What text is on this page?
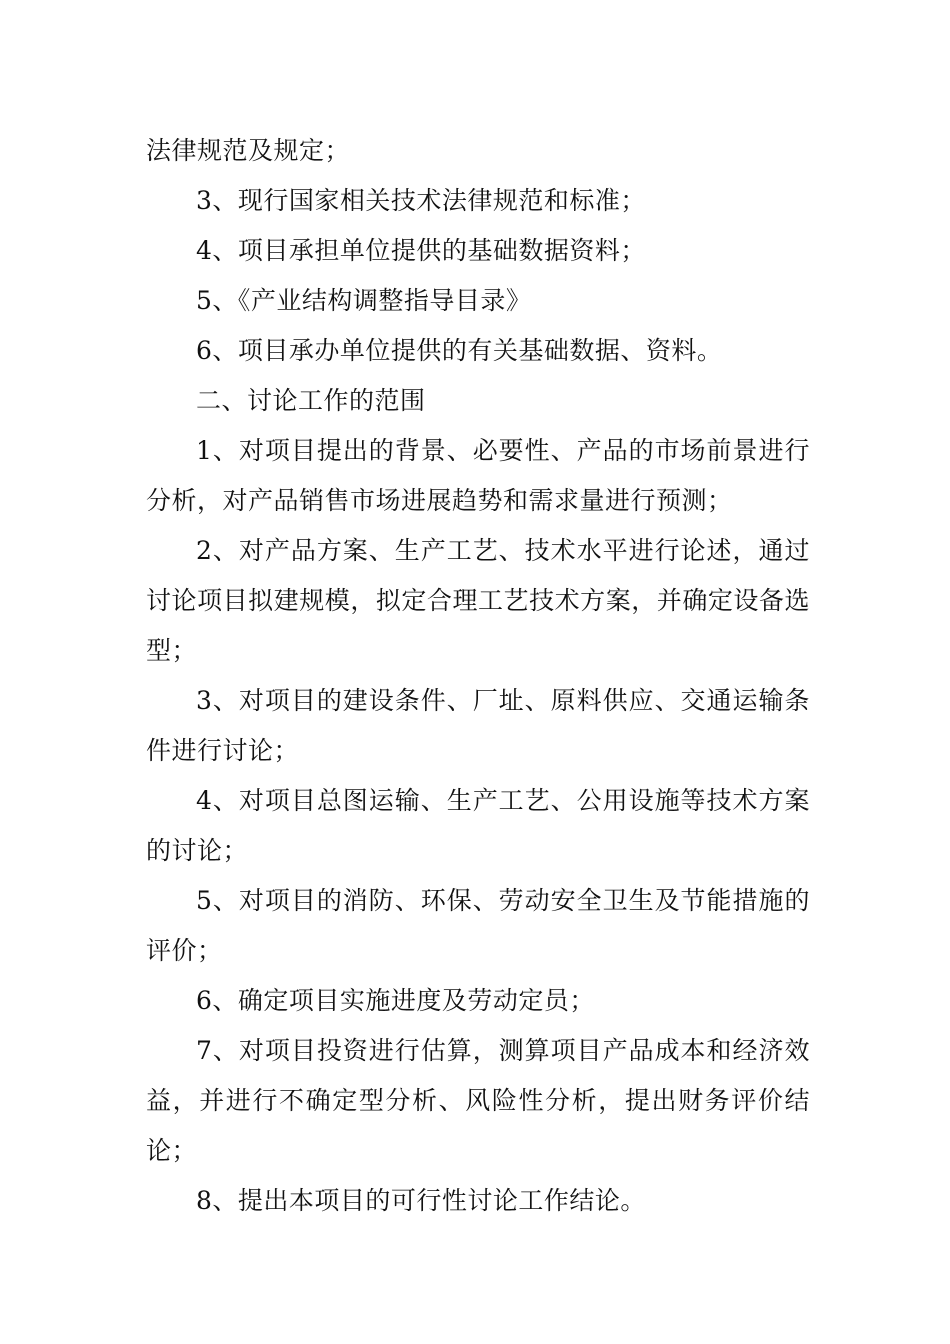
法律规范及规定；

3、现行国家相关技术法律规范和标准；

4、项目承担单位提供的基础数据资料；

5、《产业结构调整指导目录》

6、项目承办单位提供的有关基础数据、资料。

二、讨论工作的范围

1、对项目提出的背景、必要性、产品的市场前景进行分析，对产品销售市场进展趋势和需求量进行预测；

2、对产品方案、生产工艺、技术水平进行论述，通过讨论项目拟建规模，拟定合理工艺技术方案，并确定设备选型；

3、对项目的建设条件、厂址、原料供应、交通运输条件进行讨论；

4、对项目总图运输、生产工艺、公用设施等技术方案的讨论；

5、对项目的消防、环保、劳动安全卫生及节能措施的评价；

6、确定项目实施进度及劳动定员；

7、对项目投资进行估算，测算项目产品成本和经济效益，并进行不确定型分析、风险性分析，提出财务评价结论；

8、提出本项目的可行性讨论工作结论。
